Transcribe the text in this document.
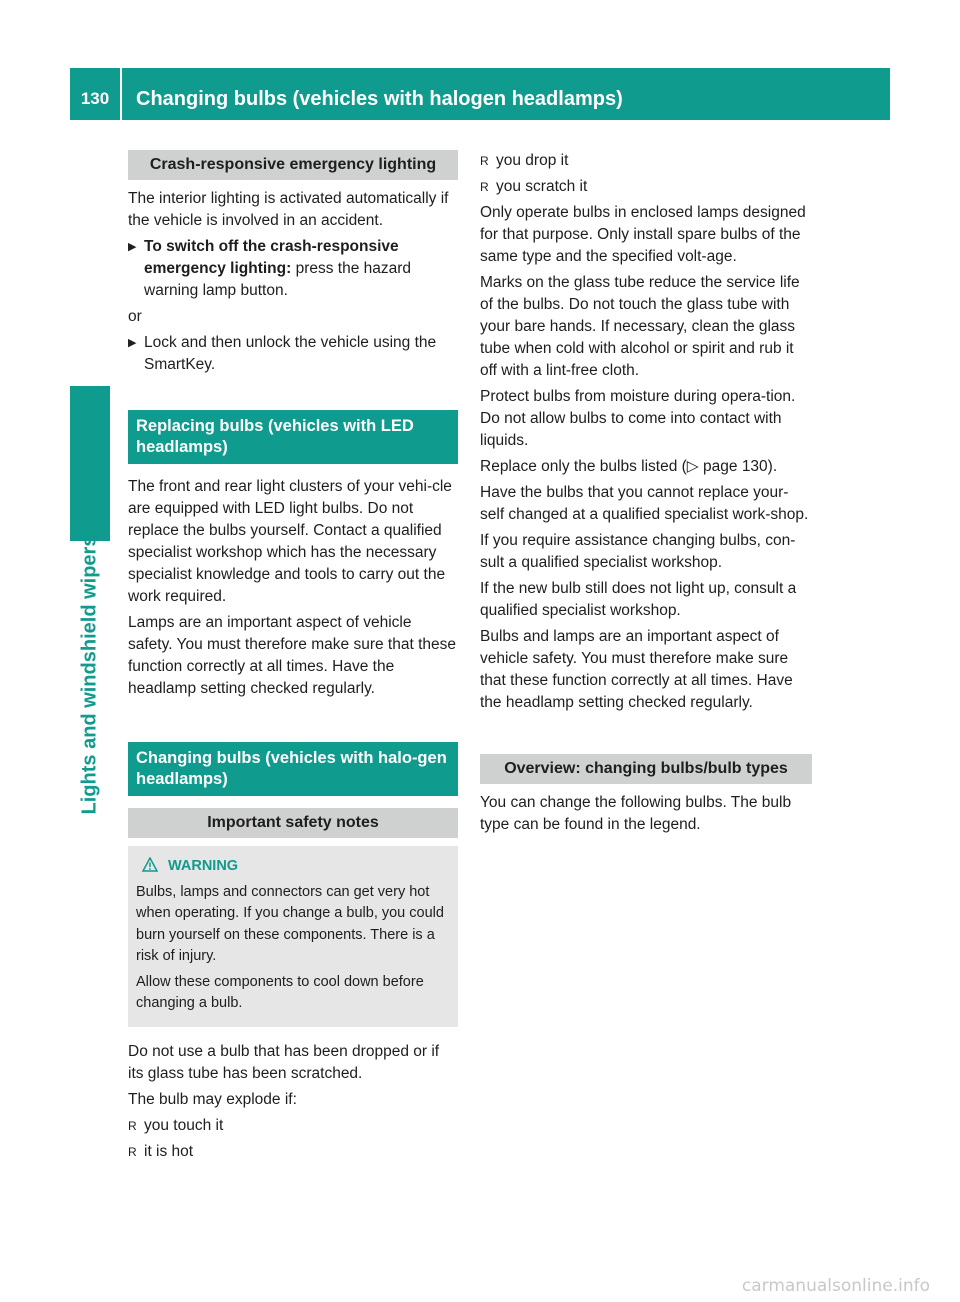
130	Changing bulbs (vehicles with halogen headlamps)
Lights and windshield wipers
Crash-responsive emergency lighting

The interior lighting is activated automatically if the vehicle is involved in an accident.

▶ To switch off the crash-responsive emergency lighting: press the hazard warning lamp button.

or

▶ Lock and then unlock the vehicle using the SmartKey.
Replacing bulbs (vehicles with LED headlamps)

The front and rear light clusters of your vehi-cle are equipped with LED light bulbs. Do not replace the bulbs yourself. Contact a qualified specialist workshop which has the necessary specialist knowledge and tools to carry out the work required.

Lamps are an important aspect of vehicle safety. You must therefore make sure that these function correctly at all times. Have the headlamp setting checked regularly.

Changing bulbs (vehicles with halo-gen headlamps)
Important safety notes
WARNING

Bulbs, lamps and connectors can get very hot when operating. If you change a bulb, you could burn yourself on these components. There is a risk of injury.

Allow these components to cool down before changing a bulb.

Do not use a bulb that has been dropped or if its glass tube has been scratched.

The bulb may explode if:

R you touch it
R it is hot
R you drop it
R you scratch it

Only operate bulbs in enclosed lamps designed for that purpose. Only install spare bulbs of the same type and the specified volt-age.

Marks on the glass tube reduce the service life of the bulbs. Do not touch the glass tube with your bare hands. If necessary, clean the glass tube when cold with alcohol or spirit and rub it off with a lint-free cloth.

Protect bulbs from moisture during opera-tion. Do not allow bulbs to come into contact with liquids.

Replace only the bulbs listed (▷ page 130).

Have the bulbs that you cannot replace your-self changed at a qualified specialist work-shop.

If you require assistance changing bulbs, con-sult a qualified specialist workshop.

If the new bulb still does not light up, consult a qualified specialist workshop.

Bulbs and lamps are an important aspect of vehicle safety. You must therefore make sure that these function correctly at all times. Have the headlamp setting checked regularly.

Overview: changing bulbs/bulb types

You can change the following bulbs. The bulb type can be found in the legend.

carmanualsonline.info
